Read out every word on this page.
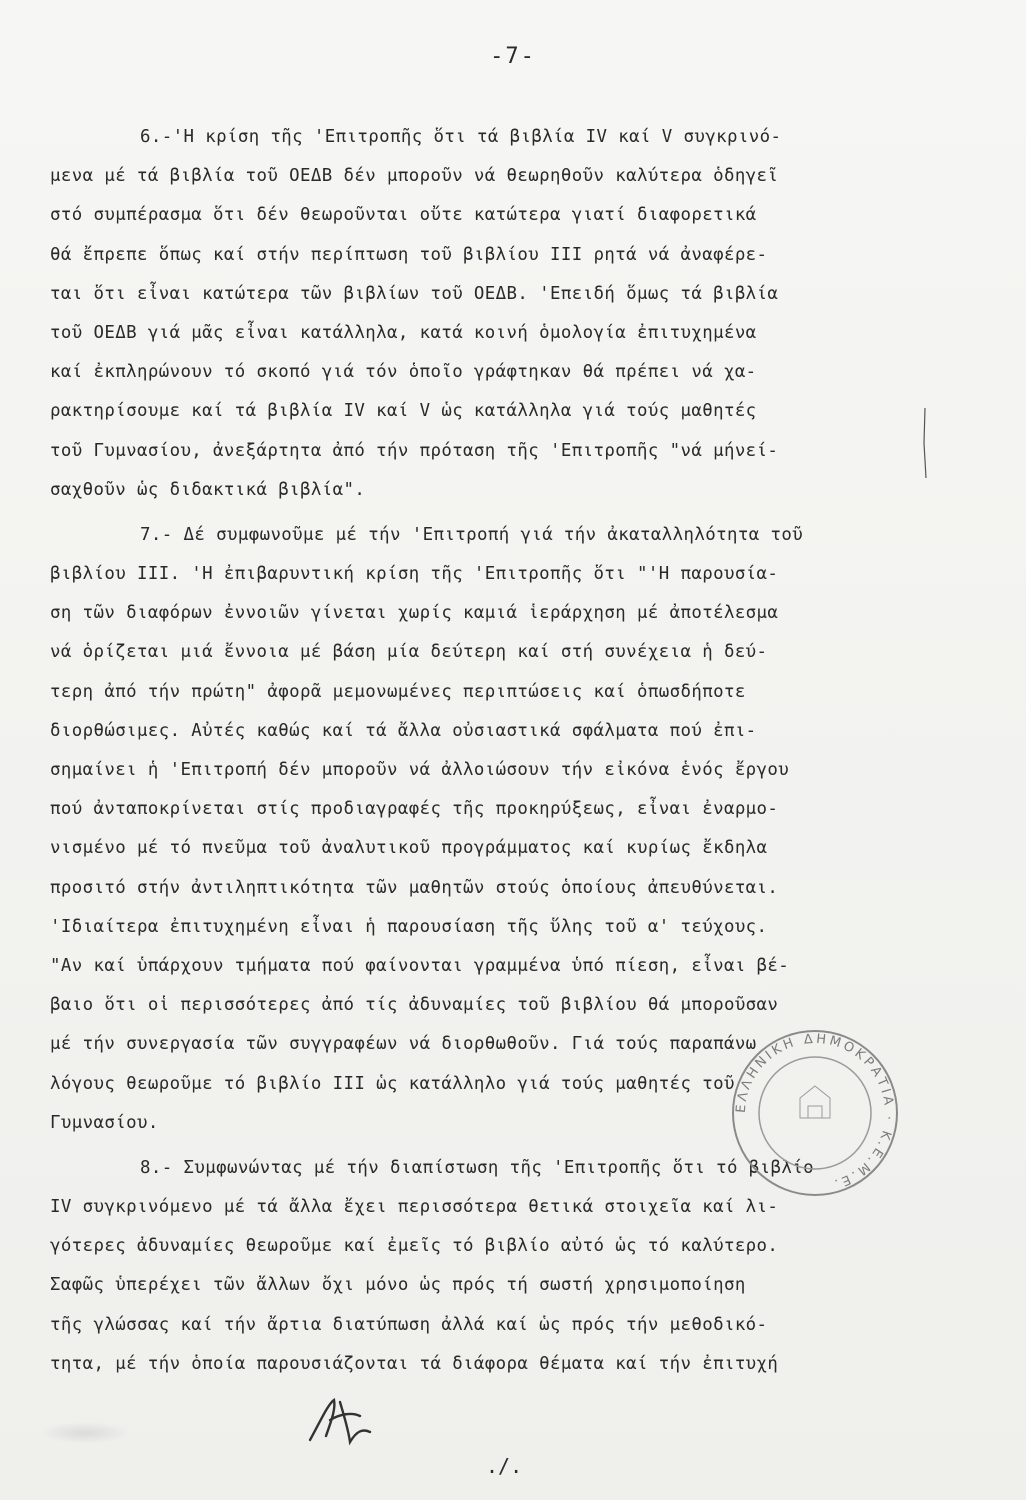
-7-
6.-'Η κρίση τῆς 'Επιτροπῆς ὅτι τά βιβλία IV καί V συγκρινό-
μενα μέ τά βιβλία τοῦ ΟΕΔΒ δέν μποροῦν νά θεωρηθοῦν καλύτερα ὁδηγεῖ
στό συμπέρασμα ὅτι δέν θεωροῦνται οὔτε κατώτερα γιατί διαφορετικά
θά ἔπρεπε ὅπως καί στήν περίπτωση τοῦ βιβλίου III ρητά νά ἀναφέρε-
ται ὅτι εἶναι κατώτερα τῶν βιβλίων τοῦ ΟΕΔΒ. 'Επειδή ὅμως τά βιβλία
τοῦ ΟΕΔΒ γιά μᾶς εἶναι κατάλληλα, κατά κοινή ὁμολογία ἐπιτυχημένα
καί ἐκπληρώνουν τό σκοπό γιά τόν ὁποῖο γράφτηκαν θά πρέπει νά χα-
ρακτηρίσουμε καί τά βιβλία IV καί V ὡς κατάλληλα γιά τούς μαθητές
τοῦ Γυμνασίου, ἀνεξάρτητα ἀπό τήν πρόταση τῆς 'Επιτροπῆς "νά μήνεί-
σαχθοῦν ὡς διδακτικά βιβλία".
7.- Δέ συμφωνοῦμε μέ τήν 'Επιτροπή γιά τήν ἀκαταλληλότητα τοῦ
βιβλίου III. 'Η ἐπιβαρυντική κρίση τῆς 'Επιτροπῆς ὅτι "'Η παρουσία-
ση τῶν διαφόρων ἐννοιῶν γίνεται χωρίς καμιά ἱεράρχηση μέ ἀποτέλεσμα
νά ὁρίζεται μιά ἔννοια μέ βάση μία δεύτερη καί στή συνέχεια ἡ δεύ-
τερη ἀπό τήν πρώτη" ἀφορᾶ μεμονωμένες περιπτώσεις καί ὁπωσδήποτε
διορθώσιμες. Αὐτές καθώς καί τά ἄλλα οὐσιαστικά σφάλματα πού ἐπι-
σημαίνει ἡ 'Επιτροπή δέν μποροῦν νά ἀλλοιώσουν τήν εἰκόνα ἑνός ἔργου
πού ἀνταποκρίνεται στίς προδιαγραφές τῆς προκηρύξεως, εἶναι ἐναρμο-
νισμένο μέ τό πνεῦμα τοῦ ἀναλυτικοῦ προγράμματος καί κυρίως ἔκδηλα
προσιτό στήν ἀντιληπτικότητα τῶν μαθητῶν στούς ὁποίους ἀπευθύνεται.
'Ιδιαίτερα ἐπιτυχημένη εἶναι ἡ παρουσίαση τῆς ὕλης τοῦ α' τεύχους.
"Αν καί ὑπάρχουν τμήματα πού φαίνονται γραμμένα ὑπό πίεση, εἶναι βέ-
βαιο ὅτι οἱ περισσότερες ἀπό τίς ἀδυναμίες τοῦ βιβλίου θά μποροῦσαν
μέ τήν συνεργασία τῶν συγγραφέων νά διορθωθοῦν. Γιά τούς παραπάνω
λόγους θεωροῦμε τό βιβλίο III ὡς κατάλληλο γιά τούς μαθητές τοῦ
Γυμνασίου.
8.- Συμφωνώντας μέ τήν διαπίστωση τῆς 'Επιτροπῆς ὅτι τό βιβλίο
IV συγκρινόμενο μέ τά ἄλλα ἔχει περισσότερα θετικά στοιχεῖα καί λι-
γότερες ἀδυναμίες θεωροῦμε καί ἐμεῖς τό βιβλίο αὐτό ὡς τό καλύτερο.
Σαφῶς ὑπερέχει τῶν ἄλλων ὄχι μόνο ὡς πρός τή σωστή χρησιμοποίηση
τῆς γλώσσας καί τήν ἄρτια διατύπωση ἀλλά καί ὡς πρός τήν μεθοδικό-
τητα, μέ τήν ὁποία παρουσιάζονται τά διάφορα θέματα καί τήν ἐπιτυχή
ΕΛΛΗΝΙΚΗ ΔΗΜΟΚΡΑΤΙΑ · Κ.Ε.Μ.Ε.
./.
